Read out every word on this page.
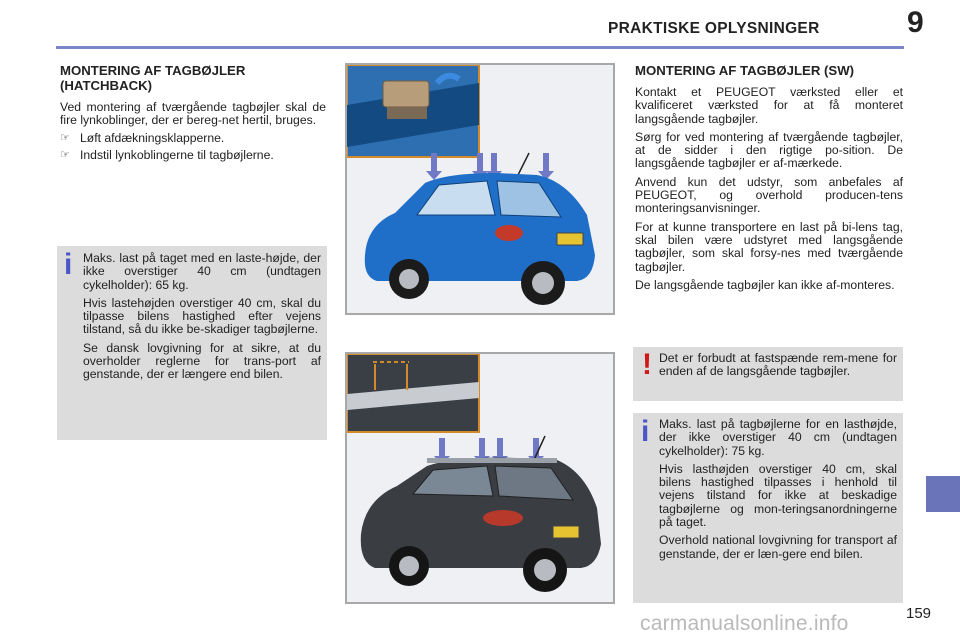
PRAKTISKE OPLYSNINGER	9
MONTERING AF TAGBØJLER (HATCHBACK)

Ved montering af tværgående tagbøjler skal de fire lynkoblinger, der er bereg-net hertil, bruges.

☞ Løft afdækningsklapperne.
☞ Indstil lynkoblingerne til tagbøjlerne.
i Maks. last på taget med en laste-højde, der ikke overstiger 40 cm (undtagen cykelholder): 65 kg.

Hvis lastehøjden overstiger 40 cm, skal du tilpasse bilens hastighed efter vejens tilstand, så du ikke be-skadiger tagbøjlerne.

Se dansk lovgivning for at sikre, at du overholder reglerne for trans-port af genstande, der er længere end bilen.

MONTERING AF TAGBØJLER (SW)

Kontakt et PEUGEOT værksted eller et kvalificeret værksted for at få monteret langsgående tagbøjler.

Sørg for ved montering af tværgående tagbøjler, at de sidder i den rigtige po-sition. De langsgående tagbøjler er af-mærkede.

Anvend kun det udstyr, som anbefales af PEUGEOT, og overhold producen-tens monteringsanvisninger.

For at kunne transportere en last på bi-lens tag, skal bilen være udstyret med langsgående tagbøjler, som skal forsy-nes med tværgående tagbøjler.

De langsgående tagbøjler kan ikke af-monteres.

! Det er forbudt at fastspænde rem-mene for enden af de langsgående tagbøjler.

i Maks. last på tagbøjlerne for en lasthøjde, der ikke overstiger 40 cm (undtagen cykelholder): 75 kg.

Hvis lasthøjden overstiger 40 cm, skal bilens hastighed tilpasses i henhold til vejens tilstand for ikke at beskadige tagbøjlerne og mon-teringsanordningerne på taget.

Overhold national lovgivning for transport af genstande, der er læn-gere end bilen.

159
carmanualsonline.info
